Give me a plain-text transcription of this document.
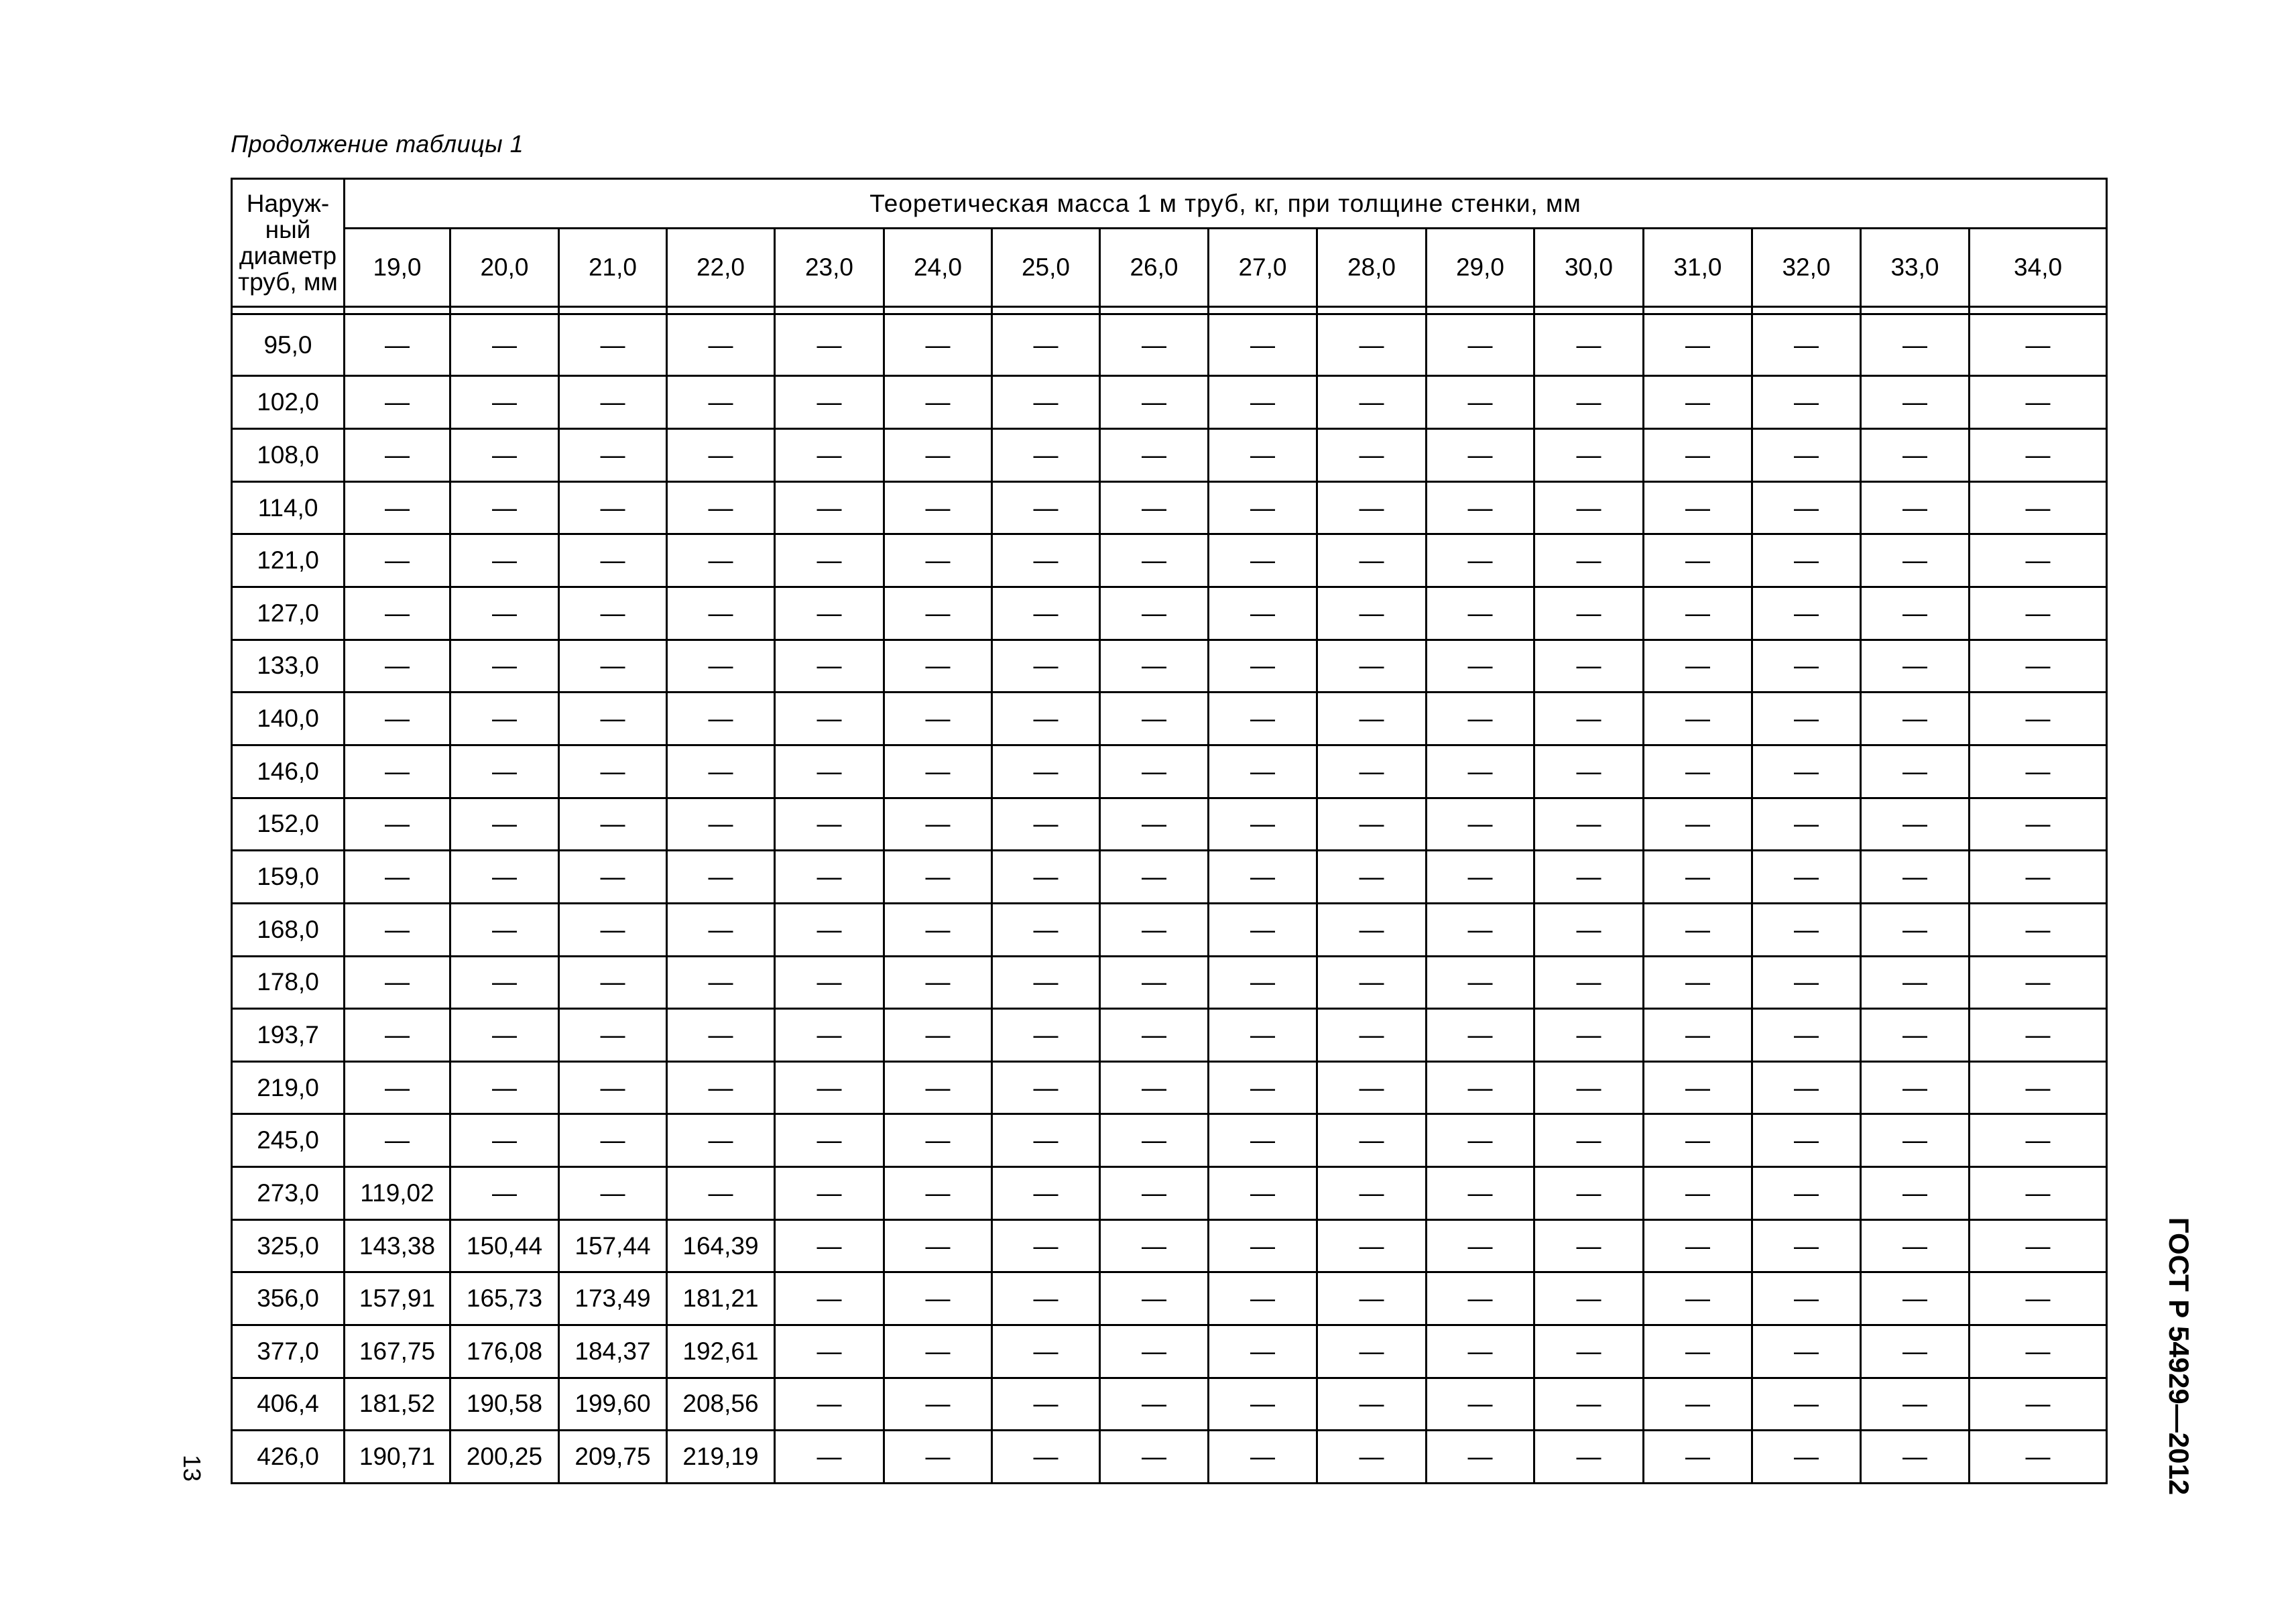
Продолжение таблицы 1
Наруж-
ный
диаметр
труб, мм	Теоретическая масса 1 м труб, кг, при толщине стенки, мм															
	19,0	20,0	21,0	22,0	23,0	24,0	25,0	26,0	27,0	28,0	29,0	30,0	31,0	32,0	33,0	34,0

95,0	—	—	—	—	—	—	—	—	—	—	—	—	—	—	—	—
102,0	—	—	—	—	—	—	—	—	—	—	—	—	—	—	—	—
108,0	—	—	—	—	—	—	—	—	—	—	—	—	—	—	—	—
114,0	—	—	—	—	—	—	—	—	—	—	—	—	—	—	—	—
121,0	—	—	—	—	—	—	—	—	—	—	—	—	—	—	—	—
127,0	—	—	—	—	—	—	—	—	—	—	—	—	—	—	—	—
133,0	—	—	—	—	—	—	—	—	—	—	—	—	—	—	—	—
140,0	—	—	—	—	—	—	—	—	—	—	—	—	—	—	—	—
146,0	—	—	—	—	—	—	—	—	—	—	—	—	—	—	—	—
152,0	—	—	—	—	—	—	—	—	—	—	—	—	—	—	—	—
159,0	—	—	—	—	—	—	—	—	—	—	—	—	—	—	—	—
168,0	—	—	—	—	—	—	—	—	—	—	—	—	—	—	—	—
178,0	—	—	—	—	—	—	—	—	—	—	—	—	—	—	—	—
193,7	—	—	—	—	—	—	—	—	—	—	—	—	—	—	—	—
219,0	—	—	—	—	—	—	—	—	—	—	—	—	—	—	—	—
245,0	—	—	—	—	—	—	—	—	—	—	—	—	—	—	—	—
273,0	119,02	—	—	—	—	—	—	—	—	—	—	—	—	—	—	—
325,0	143,38	150,44	157,44	164,39	—	—	—	—	—	—	—	—	—	—	—	—
356,0	157,91	165,73	173,49	181,21	—	—	—	—	—	—	—	—	—	—	—	—
377,0	167,75	176,08	184,37	192,61	—	—	—	—	—	—	—	—	—	—	—	—
406,4	181,52	190,58	199,60	208,56	—	—	—	—	—	—	—	—	—	—	—	—
426,0	190,71	200,25	209,75	219,19	—	—	—	—	—	—	—	—	—	—	—	—	ГОСТ Р 54929—2012
13
